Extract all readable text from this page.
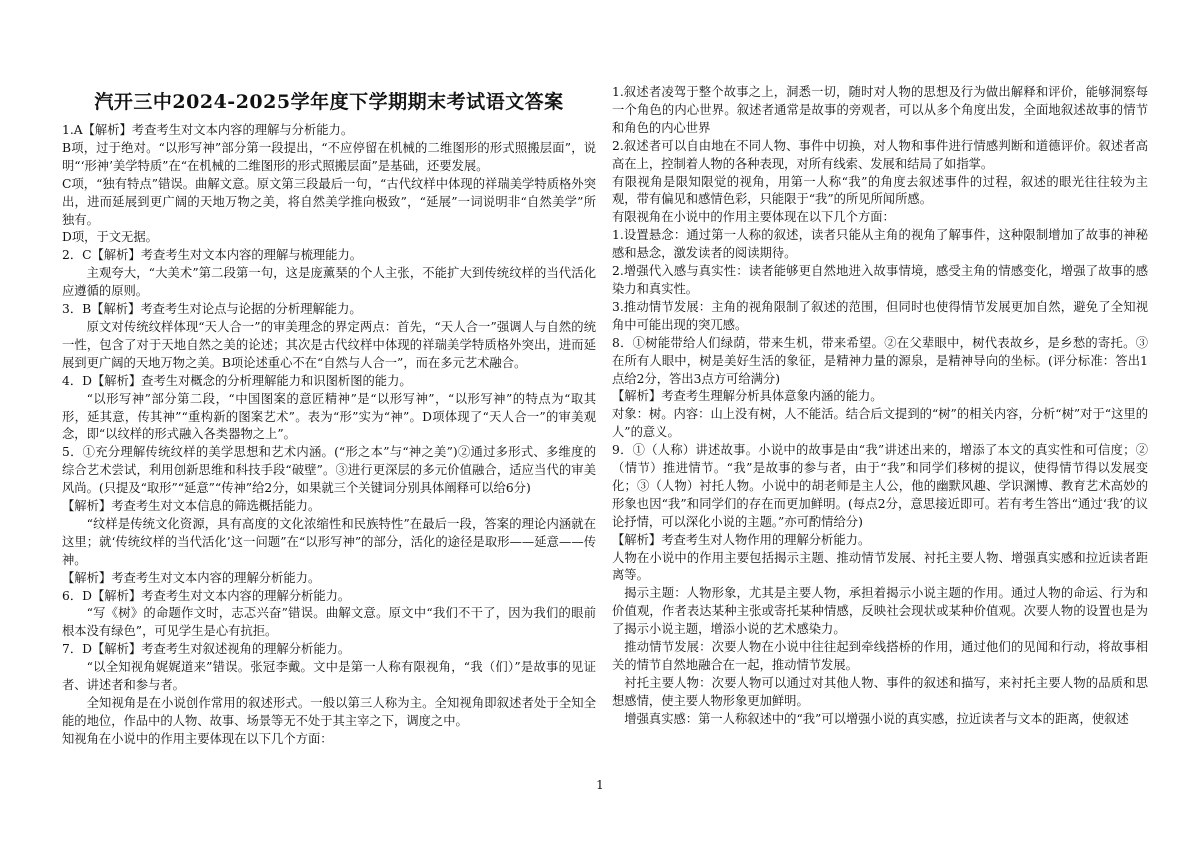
汽开三中2024-2025学年度下学期期末考试语文答案

1.A【解析】考查考生对文本内容的理解与分析能力。

B项，过于绝对。“以形写神”部分第一段提出，“不应停留在机械的二维图形的形式照搬层面”，说明“‘形神’美学特质”在“在机械的二维图形的形式照搬层面”是基础，还要发展。

C项，“独有特点”错误。曲解文意。原文第三段最后一句，“古代纹样中体现的祥瑞美学特质格外突出，进而延展到更广阔的天地万物之美，将自然美学推向极致”，“延展”一词说明非“自然美学”所独有。

D项，于文无据。

2．C【解析】考查考生对文本内容的理解与梳理能力。

主观夸大，“大美术”第二段第一句，这是庞薰琹的个人主张，不能扩大到传统纹样的当代活化应遵循的原则。

3．B【解析】考查考生对论点与论据的分析理解能力。

原文对传统纹样体现“天人合一”的审美理念的界定两点：首先，“天人合一”强调人与自然的统一性，包含了对于天地自然之美的论述；其次是古代纹样中体现的祥瑞美学特质格外突出，进而延展到更广阔的天地万物之美。B项论述重心不在“自然与人合一”，而在多元艺术融合。

4．D【解析】查考生对概念的分析理解能力和识图析图的能力。

“以形写神”部分第二段，“中国图案的意匠精神”是“以形写神”，“以形写神”的特点为“取其形，延其意，传其神”“重构新的图案艺术”。表为“形”实为“神”。D项体现了“天人合一”的审美观念，即“以纹样的形式融入各类器物之上”。

5．①充分理解传统纹样的美学思想和艺术内涵。(“形之本”与“神之美”)②通过多形式、多维度的综合艺术尝试，利用创新思维和科技手段“破壁”。③进行更深层的多元价值融合，适应当代的审美风尚。(只提及“取形”“延意”“传神”给2分，如果就三个关键词分别具体阐释可以给6分)

【解析】考查考生对文本信息的筛选概括能力。

“纹样是传统文化资源，具有高度的文化浓缩性和民族特性”在最后一段，答案的理论内涵就在这里；就‘传统纹样的当代活化’这一问题”在“以形写神”的部分，活化的途径是取形——延意——传神。

【解析】考查考生对文本内容的理解分析能力。

6．D【解析】考查考生对文本内容的理解分析能力。

“写《树》的命题作文时，志忑兴奋”错误。曲解文意。原文中“我们不干了，因为我们的眼前根本没有绿色”，可见学生是心有抗拒。

7．D【解析】考查考生对叙述视角的理解分析能力。

“以全知视角娓娓道来”错误。张冠李戴。文中是第一人称有限视角，“我（们）”是故事的见证者、讲述者和参与者。

全知视角是在小说创作常用的叙述形式。一般以第三人称为主。全知视角即叙述者处于全知全能的地位，作品中的人物、故事、场景等无不处于其主宰之下，调度之中。

知视角在小说中的作用主要体现在以下几个方面：

1.叙述者凌驾于整个故事之上，洞悉一切，随时对人物的思想及行为做出解释和评价，能够洞察每一个角色的内心世界。叙述者通常是故事的旁观者，可以从多个角度出发，全面地叙述故事的情节和角色的内心世界

2.叙述者可以自由地在不同人物、事件中切换，对人物和事件进行情感判断和道德评价。叙述者高高在上，控制着人物的各种表现，对所有线索、发展和结局了如指掌。

有限视角是限知限觉的视角，用第一人称“我”的角度去叙述事件的过程，叙述的眼光往往较为主观，带有偏见和感情色彩，只能限于“我”的所见所闻所感。

有限视角在小说中的作用主要体现在以下几个方面：

1.设置悬念：通过第一人称的叙述，读者只能从主角的视角了解事件，这种限制增加了故事的神秘感和悬念，激发读者的阅读期待。

2.增强代入感与真实性：读者能够更自然地进入故事情境，感受主角的情感变化，增强了故事的感染力和真实性。

3.推动情节发展：主角的视角限制了叙述的范围，但同时也使得情节发展更加自然，避免了全知视角中可能出现的突兀感。

8．①树能带给人们绿荫，带来生机，带来希望。②在父辈眼中，树代表故乡，是乡愁的寄托。③在所有人眼中，树是美好生活的象征，是精神力量的源泉，是精神导向的坐标。(评分标准：答出1点给2分，答出3点方可给满分)

【解析】考查考生理解分析具体意象内涵的能力。

对象：树。内容：山上没有树，人不能活。结合后文提到的“树”的相关内容，分析“树”对于“这里的人”的意义。

9．①（人称）讲述故事。小说中的故事是由“我”讲述出来的，增添了本文的真实性和可信度；②（情节）推进情节。“我”是故事的参与者，由于“我”和同学们移树的提议，使得情节得以发展变化；③（人物）衬托人物。小说中的胡老师是主人公，他的幽默风趣、学识渊博、教育艺术高妙的形象也因“我”和同学们的存在而更加鲜明。(每点2分，意思接近即可。若有考生答出“通过‘我’的议论抒情，可以深化小说的主题。”亦可酌情给分)

【解析】考查考生对人物作用的理解分析能力。

人物在小说中的作用主要包括揭示主题、推动情节发展、衬托主要人物、增强真实感和拉近读者距离等。

揭示主题：人物形象，尤其是主要人物，承担着揭示小说主题的作用。通过人物的命运、行为和价值观，作者表达某种主张或寄托某种情感，反映社会现状或某种价值观。次要人物的设置也是为了揭示小说主题，增添小说的艺术感染力。

推动情节发展：次要人物在小说中往往起到牵线搭桥的作用，通过他们的见闻和行动，将故事相关的情节自然地融合在一起，推动情节发展。

衬托主要人物：次要人物可以通过对其他人物、事件的叙述和描写，来衬托主要人物的品质和思想感情，使主要人物形象更加鲜明。

增强真实感：第一人称叙述中的“我”可以增强小说的真实感，拉近读者与文本的距离，使叙述

1
